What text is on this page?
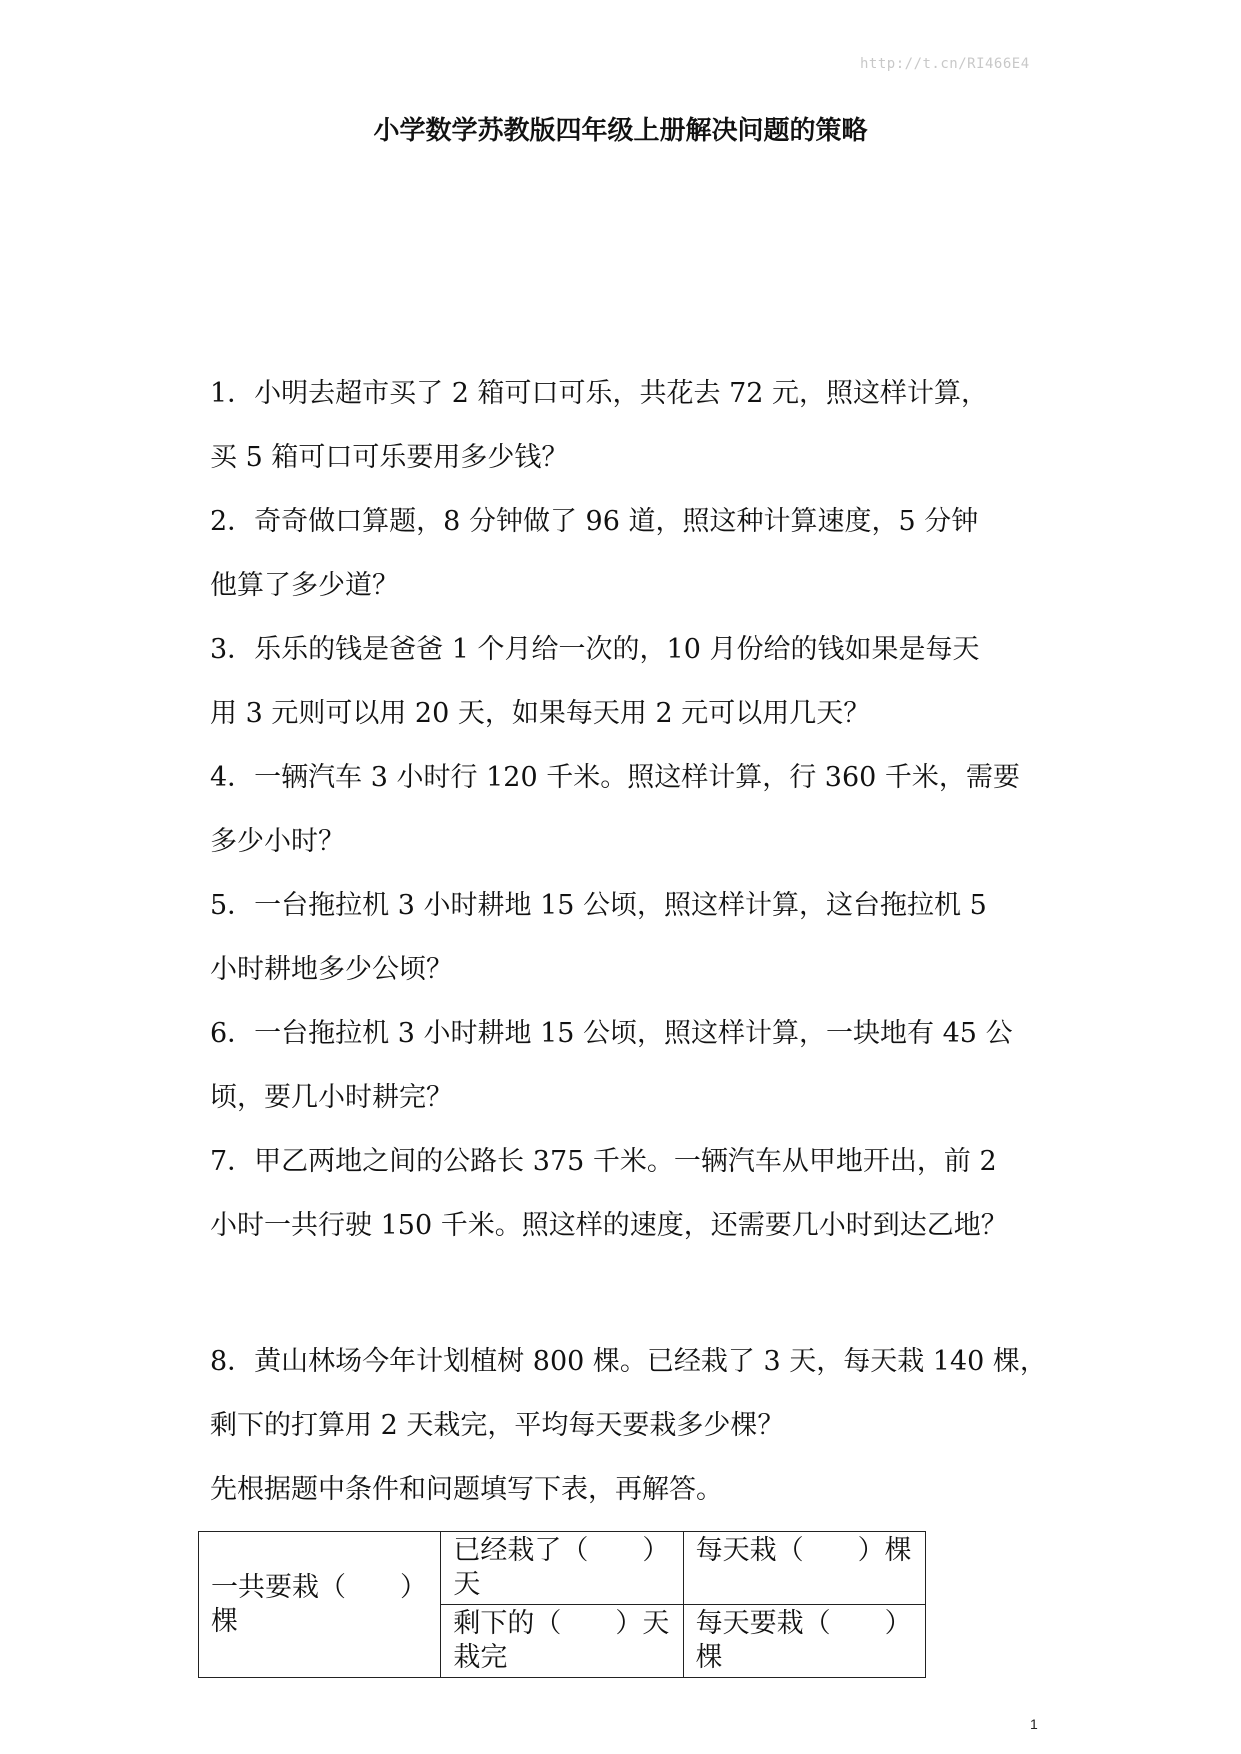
http://t.cn/RI466E4
小学数学苏教版四年级上册解决问题的策略
1．小明去超市买了 2 箱可口可乐，共花去 72 元，照这样计算，
买 5 箱可口可乐要用多少钱？
2．奇奇做口算题，8 分钟做了 96 道，照这种计算速度，5 分钟
他算了多少道？
3．乐乐的钱是爸爸 1 个月给一次的，10 月份给的钱如果是每天
用 3 元则可以用 20 天，如果每天用 2 元可以用几天？
4．一辆汽车 3 小时行 120 千米。照这样计算，行 360 千米，需要
多少小时？
5．一台拖拉机 3 小时耕地 15 公顷，照这样计算，这台拖拉机 5
小时耕地多少公顷？
6．一台拖拉机 3 小时耕地 15 公顷，照这样计算，一块地有 45 公
顷，要几小时耕完？
7．甲乙两地之间的公路长 375 千米。一辆汽车从甲地开出，前 2
小时一共行驶 150 千米。照这样的速度，还需要几小时到达乙地？
8．黄山林场今年计划植树 800 棵。已经栽了 3 天，每天栽 140 棵，
剩下的打算用 2 天栽完，平均每天要栽多少棵？
先根据题中条件和问题填写下表，再解答。
一共要栽（　　）棵	已经栽了（　　）天	每天栽（　　）棵
	剩下的（　　）天栽完	每天要栽（　　）棵
1
